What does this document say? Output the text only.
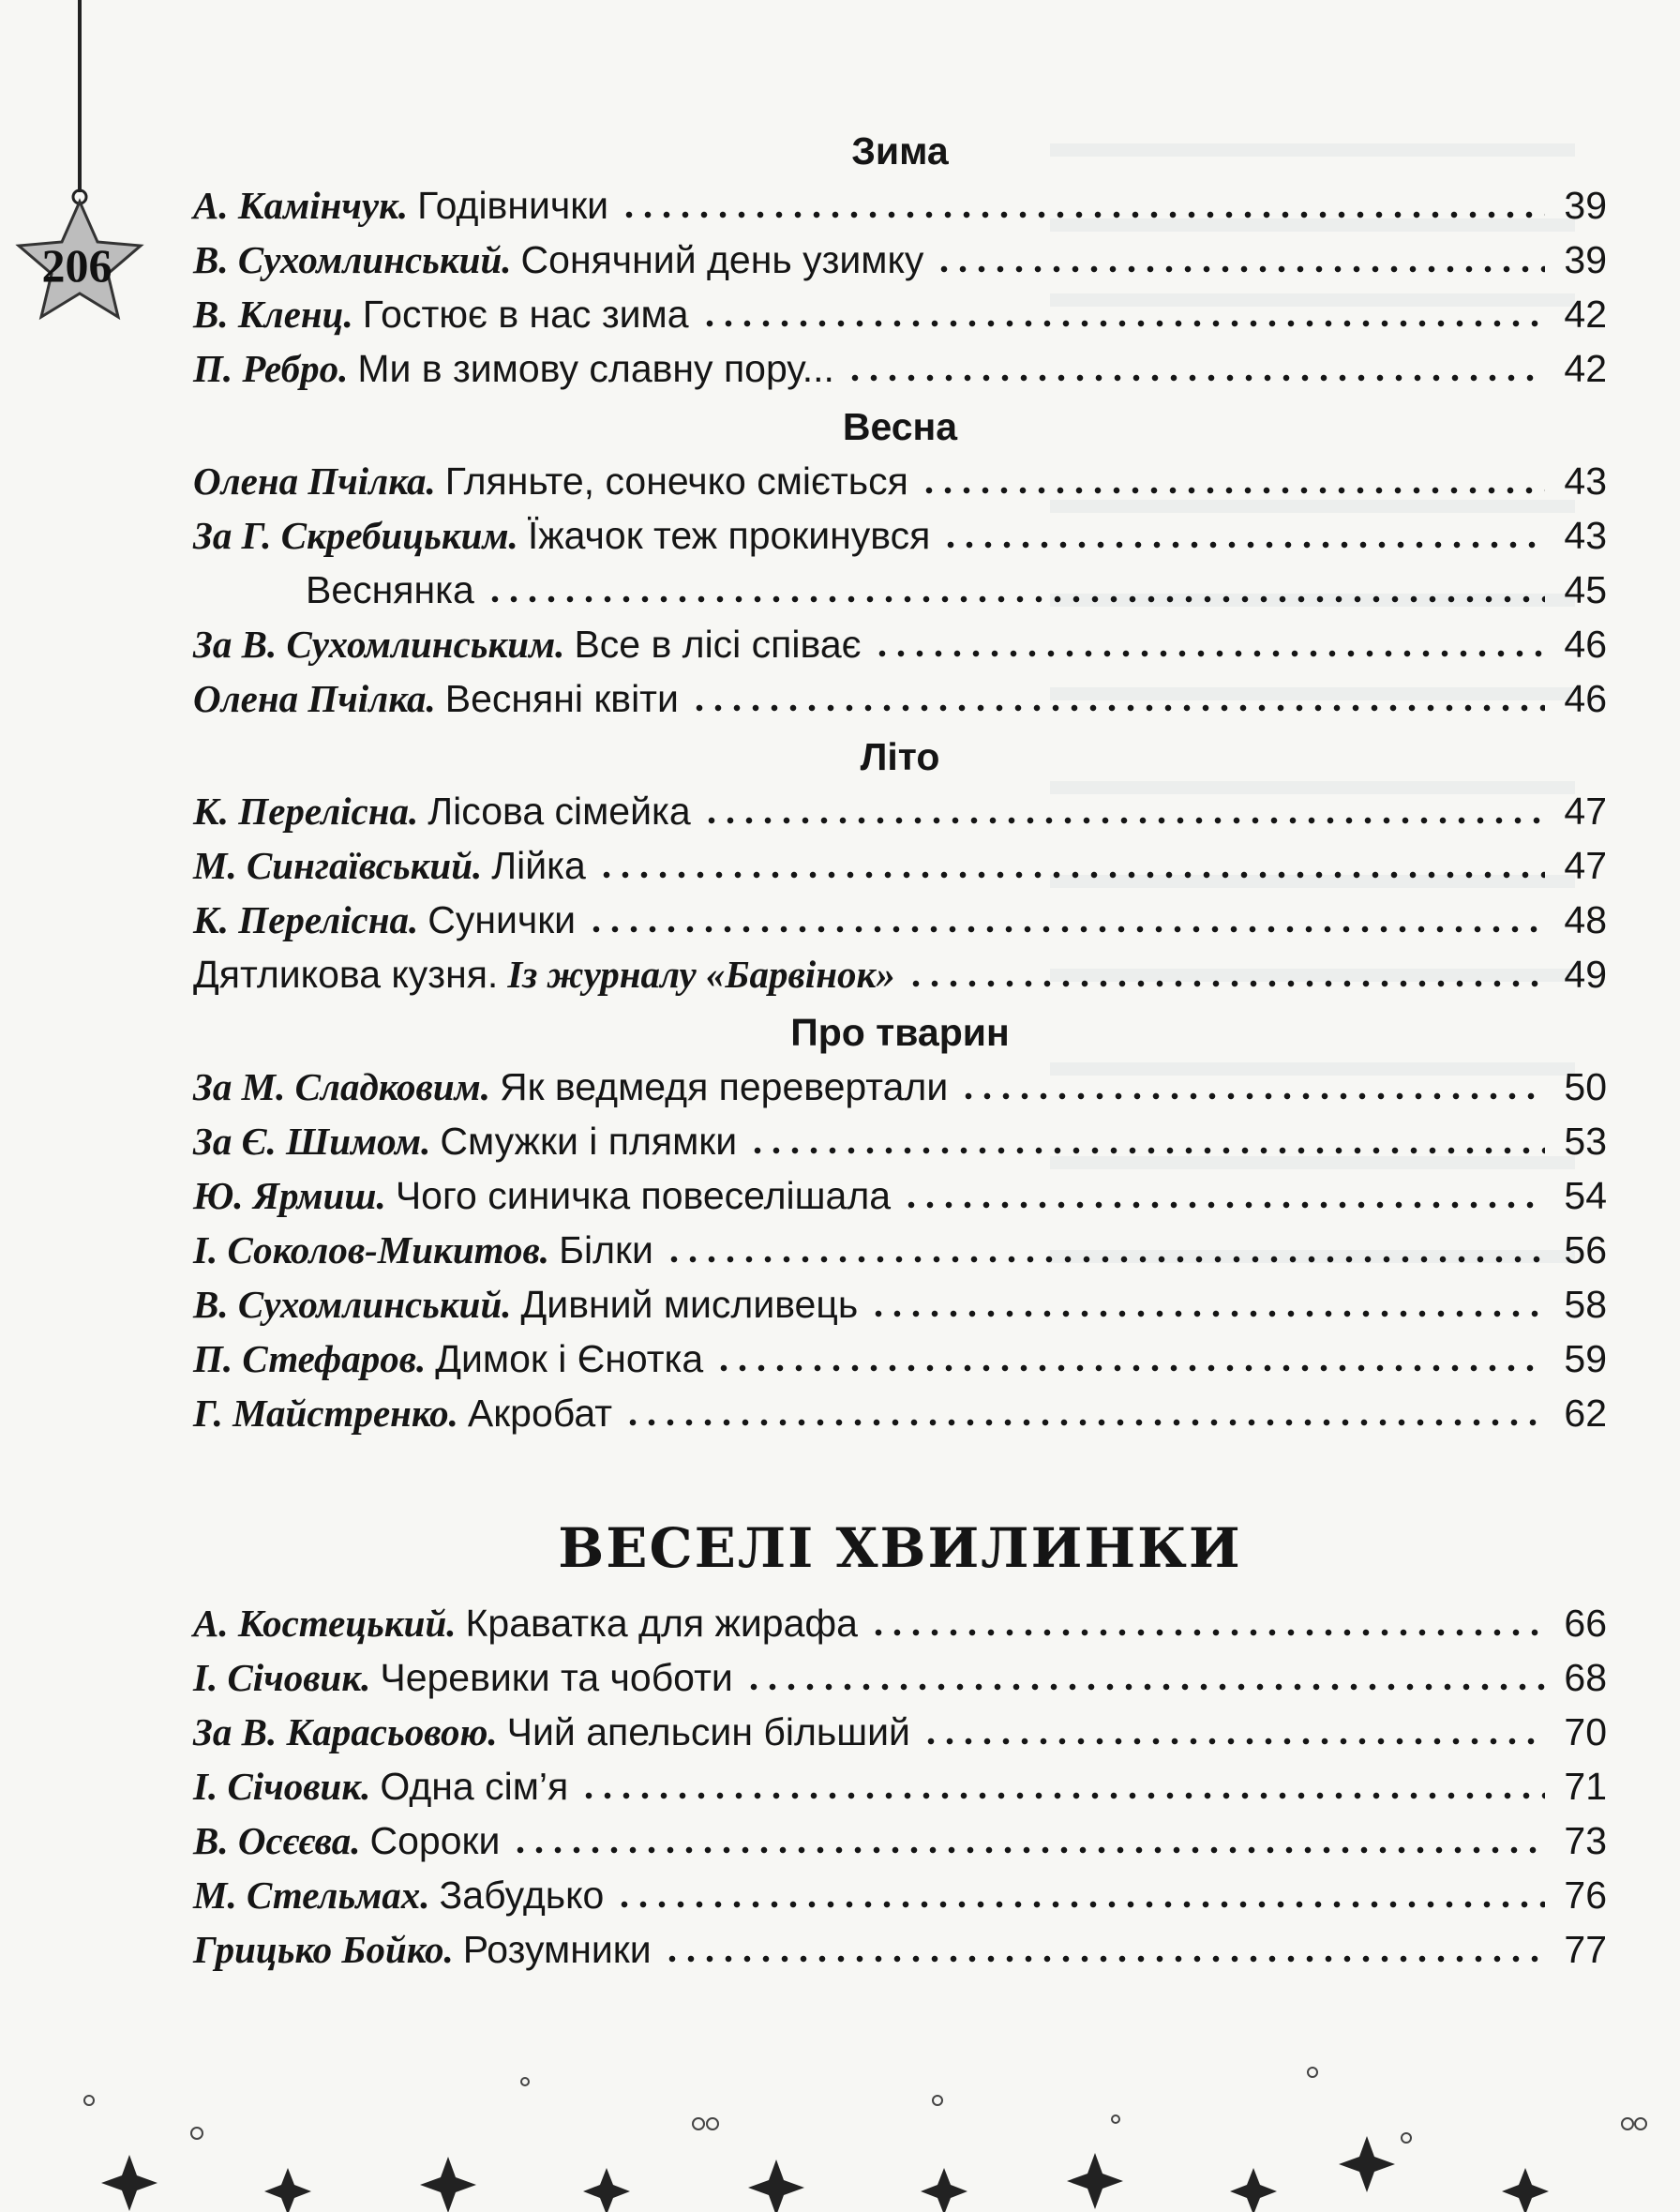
206
Зима
А. Камінчук. Годівнички	39
В. Сухомлинський. Сонячний день узимку	39
В. Кленц. Гостює в нас зима	42
П. Ребро. Ми в зимову славну пору...	42
Весна
Олена Пчілка. Гляньте, сонечко сміється	43
За Г. Скребицьким. Їжачок теж прокинувся	43
Веснянка	45
За В. Сухомлинським. Все в лісі співає	46
Олена Пчілка. Весняні квіти	46
Літо
К. Перелісна. Лісова сімейка	47
М. Сингаївський. Лійка	47
К. Перелісна. Сунички	48
Дятликова кузня. Із журналу «Барвінок»	49
Про тварин
За М. Сладковим. Як ведмедя перевертали	50
За Є. Шимом. Смужки і плямки	53
Ю. Ярмиш. Чого синичка повеселішала	54
І. Соколов-Микитов. Білки	56
В. Сухомлинський. Дивний мисливець	58
П. Стефаров. Димок і Єнотка	59
Г. Майстренко. Акробат	62
ВЕСЕЛІ ХВИЛИНКИ
А. Костецький. Краватка для жирафа	66
І. Січовик. Черевики та чоботи	68
За В. Карасьовою. Чий апельсин більший	70
І. Січовик. Одна сім’я	71
В. Осєєва. Сороки	73
М. Стельмах. Забудько	76
Грицько Бойко. Розумники	77
